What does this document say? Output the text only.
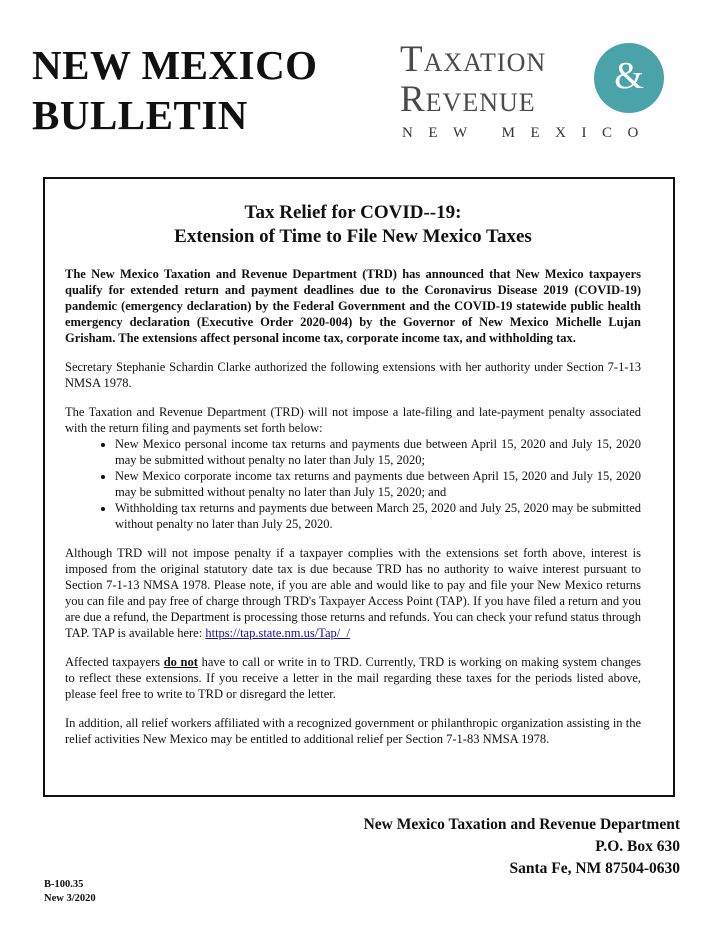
NEW MEXICO
BULLETIN
Taxation	&
Revenue
NEW MEXICO
Tax Relief for COVID--19:
Extension of Time to File New Mexico Taxes

The New Mexico Taxation and Revenue Department (TRD) has announced that New Mexico taxpayers qualify for extended return and payment deadlines due to the Coronavirus Disease 2019 (COVID-19) pandemic (emergency declaration) by the Federal Government and the COVID-19 statewide public health emergency declaration (Executive Order 2020-004) by the Governor of New Mexico Michelle Lujan Grisham. The extensions affect personal income tax, corporate income tax, and withholding tax.

Secretary Stephanie Schardin Clarke authorized the following extensions with her authority under Section 7-1-13 NMSA 1978.

The Taxation and Revenue Department (TRD) will not impose a late-filing and late-payment penalty associated with the return filing and payments set forth below:

• New Mexico personal income tax returns and payments due between April 15, 2020 and July 15, 2020 may be submitted without penalty no later than July 15, 2020;
• New Mexico corporate income tax returns and payments due between April 15, 2020 and July 15, 2020 may be submitted without penalty no later than July 15, 2020; and
• Withholding tax returns and payments due between March 25, 2020 and July 25, 2020 may be submitted without penalty no later than July 25, 2020.

Although TRD will not impose penalty if a taxpayer complies with the extensions set forth above, interest is imposed from the original statutory date tax is due because TRD has no authority to waive interest pursuant to Section 7-1-13 NMSA 1978. Please note, if you are able and would like to pay and file your New Mexico returns you can file and pay free of charge through TRD's Taxpayer Access Point (TAP). If you have filed a return and you are due a refund, the Department is processing those returns and refunds. You can check your refund status through TAP. TAP is available here: https://tap.state.nm.us/Tap/_/

Affected taxpayers do not have to call or write in to TRD. Currently, TRD is working on making system changes to reflect these extensions. If you receive a letter in the mail regarding these taxes for the periods listed above, please feel free to write to TRD or disregard the letter.

In addition, all relief workers affiliated with a recognized government or philanthropic organization assisting in the relief activities New Mexico may be entitled to additional relief per Section 7-1-83 NMSA 1978.

New Mexico Taxation and Revenue Department
P.O. Box 630
Santa Fe, NM 87504-0630
B-100.35
New 3/2020
